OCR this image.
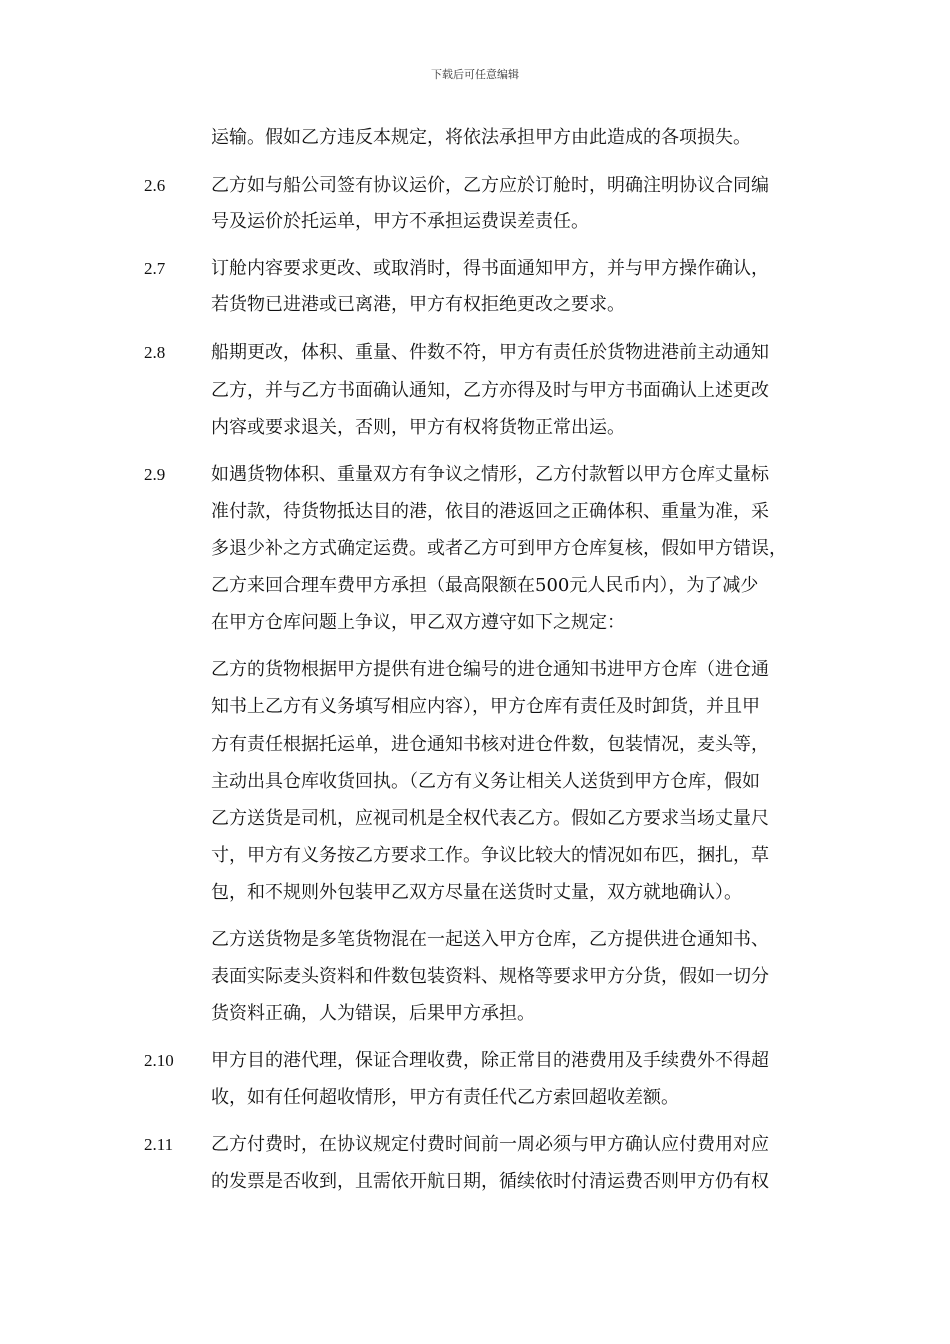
下载后可任意编辑
运输。假如乙方违反本规定，将依法承担甲方由此造成的各项损失。
2.6	乙方如与船公司签有协议运价，乙方应於订舱时，明确注明协议合同编
号及运价於托运单，甲方不承担运费误差责任。
2.7	订舱内容要求更改、或取消时，得书面通知甲方，并与甲方操作确认，
若货物已进港或已离港，甲方有权拒绝更改之要求。
2.8	船期更改，体积、重量、件数不符，甲方有责任於货物进港前主动通知
乙方，并与乙方书面确认通知，乙方亦得及时与甲方书面确认上述更改
内容或要求退关，否则，甲方有权将货物正常出运。
2.9	如遇货物体积、重量双方有争议之情形，乙方付款暂以甲方仓库丈量标
准付款，待货物抵达目的港，依目的港返回之正确体积、重量为准，采
多退少补之方式确定运费。或者乙方可到甲方仓库复核，假如甲方错误，
乙方来回合理车费甲方承担（最高限额在500元人民币内），为了减少
在甲方仓库问题上争议，甲乙双方遵守如下之规定：
乙方的货物根据甲方提供有进仓编号的进仓通知书进甲方仓库（进仓通
知书上乙方有义务填写相应内容），甲方仓库有责任及时卸货，并且甲
方有责任根据托运单，进仓通知书核对进仓件数，包装情况，麦头等，
主动出具仓库收货回执。（乙方有义务让相关人送货到甲方仓库，假如
乙方送货是司机，应视司机是全权代表乙方。假如乙方要求当场丈量尺
寸，甲方有义务按乙方要求工作。争议比较大的情况如布匹，捆扎，草
包，和不规则外包装甲乙双方尽量在送货时丈量，双方就地确认）。
乙方送货物是多笔货物混在一起送入甲方仓库，乙方提供进仓通知书、
表面实际麦头资料和件数包装资料、规格等要求甲方分货，假如一切分
货资料正确，人为错误，后果甲方承担。
2.10 甲方目的港代理，保证合理收费，除正常目的港费用及手续费外不得超
收，如有任何超收情形，甲方有责任代乙方索回超收差额。
2.11 乙方付费时，在协议规定付费时间前一周必须与甲方确认应付费用对应
的发票是否收到，且需依开航日期，循续依时付清运费否则甲方仍有权
